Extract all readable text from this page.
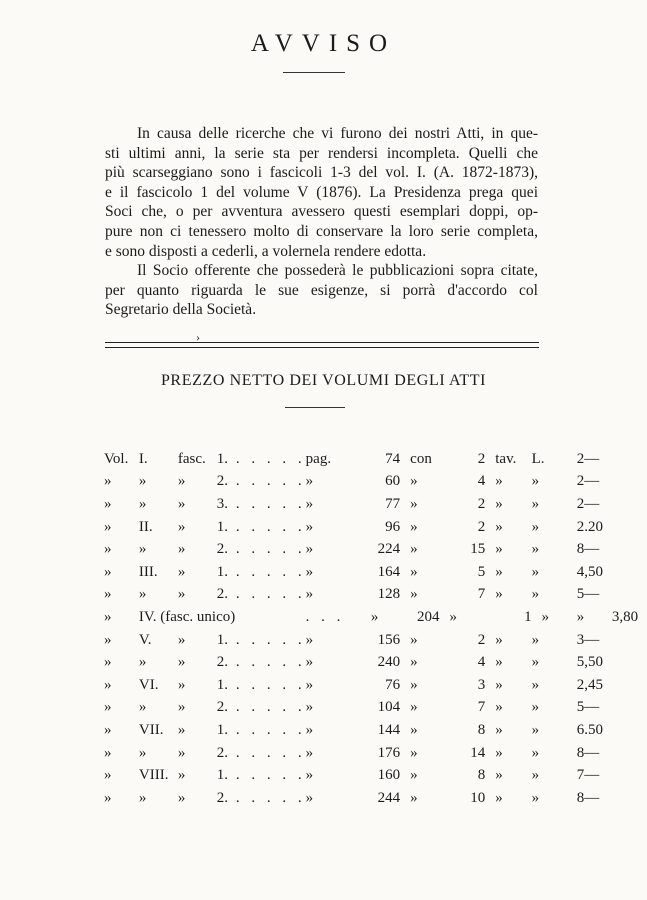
AVVISO
In causa delle ricerche che vi furono dei nostri Atti, in que-
sti ultimi anni, la serie sta per rendersi incompleta. Quelli che
più scarseggiano sono i fascicoli 1-3 del vol. I. (A. 1872-1873),
e il fascicolo 1 del volume V (1876). La Presidenza prega quei
Soci che, o per avventura avessero questi esemplari doppi, op-
pure non ci tenessero molto di conservare la loro serie completa,
e sono disposti a cederli, a volernela rendere edotta.
Il Socio offerente che possederà le pubblicazioni sopra citate,
per quanto riguarda le sue esigenze, si porrà d'accordo col
Segretario della Società.
›
PREZZO NETTO DEI VOLUMI DEGLI ATTI
Vol.	I.	fasc.	1.	. . . . .	pag.	74	con	2	tav.	L.	2—	
»	»	»	2.	. . . . .	»	60	»	4	»	»	2—	
»	»	»	3.	. . . . .	»	77	»	2	»	»	2—	
»	II.	»	1.	. . . . .	»	96	»	2	»	»	2.20	
»	»	»	2.	. . . . .	»	224	»	15	»	»	8—	
»	III.	»	1.	. . . . .	»	164	»	5	»	»	4,50	
»	»	»	2.	. . . . .	»	128	»	7	»	»	5—	
»	IV. (fasc. unico)				. . .	»	204	»	1	»	»	3,80
»	V.	»	1.	. . . . .	»	156	»	2	»	»	3—	
»	»	»	2.	. . . . .	»	240	»	4	»	»	5,50	
»	VI.	»	1.	. . . . .	»	76	»	3	»	»	2,45	
»	»	»	2.	. . . . .	»	104	»	7	»	»	5—	
»	VII.	»	1.	. . . . .	»	144	»	8	»	»	6.50	
»	»	»	2.	. . . . .	»	176	»	14	»	»	8—	
»	VIII.	»	1.	. . . . .	»	160	»	8	»	»	7—	
»	»	»	2.	. . . . .	»	244	»	10	»	»	8—	
